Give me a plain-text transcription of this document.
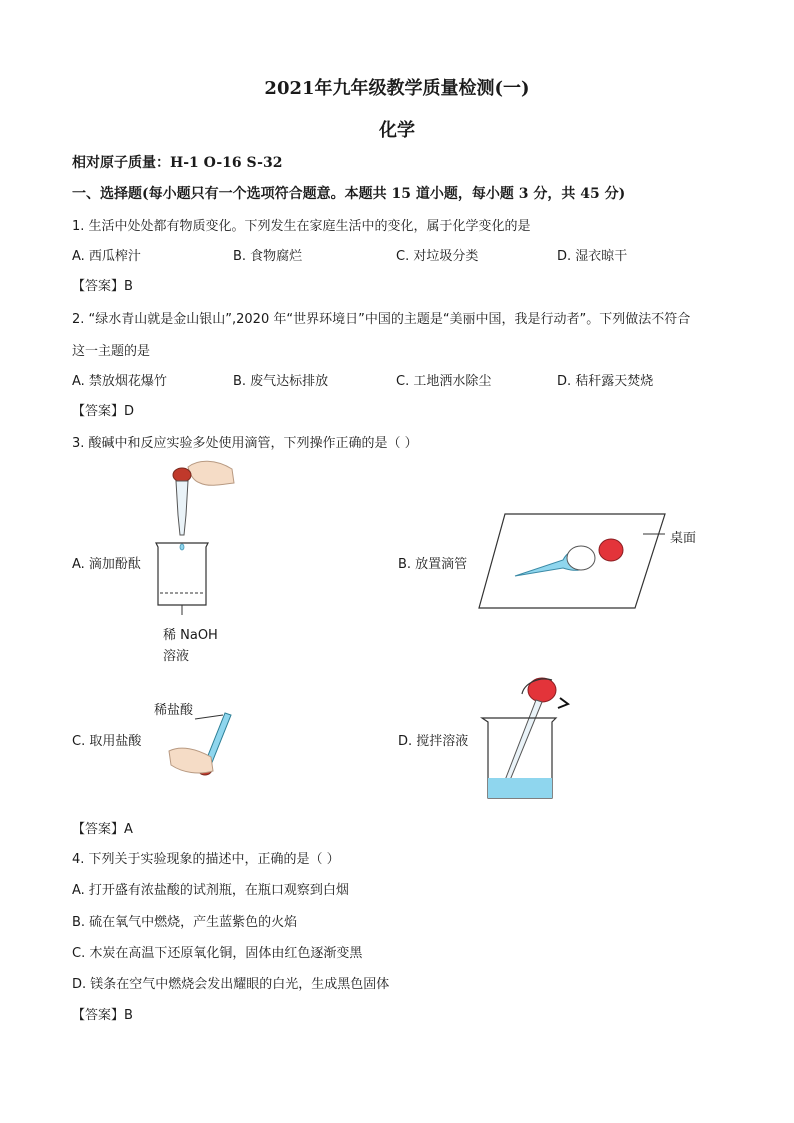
2021年九年级教学质量检测(一)
化学
相对原子质量：H-1 O-16 S-32
一、选择题(每小题只有一个选项符合题意。本题共 15 道小题，每小题 3 分，共 45 分)
1. 生活中处处都有物质变化。下列发生在家庭生活中的变化，属于化学变化的是
A. 西瓜榨汁	B. 食物腐烂	C. 对垃圾分类	D. 湿衣晾干
【答案】B
2. “绿水青山就是金山银山”,2020 年“世界环境日”中国的主题是“美丽中国，我是行动者”。下列做法不符合
这一主题的是
A. 禁放烟花爆竹	B. 废气达标排放	C. 工地洒水除尘	D. 秸秆露天焚烧
【答案】D
3. 酸碱中和反应实验多处使用滴管，下列操作正确的是（ ）
A. 滴加酚酞
稀 NaOH
溶液
B. 放置滴管
桌面
C. 取用盐酸
稀盐酸
D. 搅拌溶液
【答案】A
4. 下列关于实验现象的描述中，正确的是（ ）
A. 打开盛有浓盐酸的试剂瓶，在瓶口观察到白烟
B. 硫在氧气中燃烧，产生蓝紫色的火焰
C. 木炭在高温下还原氧化铜，固体由红色逐渐变黑
D. 镁条在空气中燃烧会发出耀眼的白光，生成黑色固体
【答案】B
